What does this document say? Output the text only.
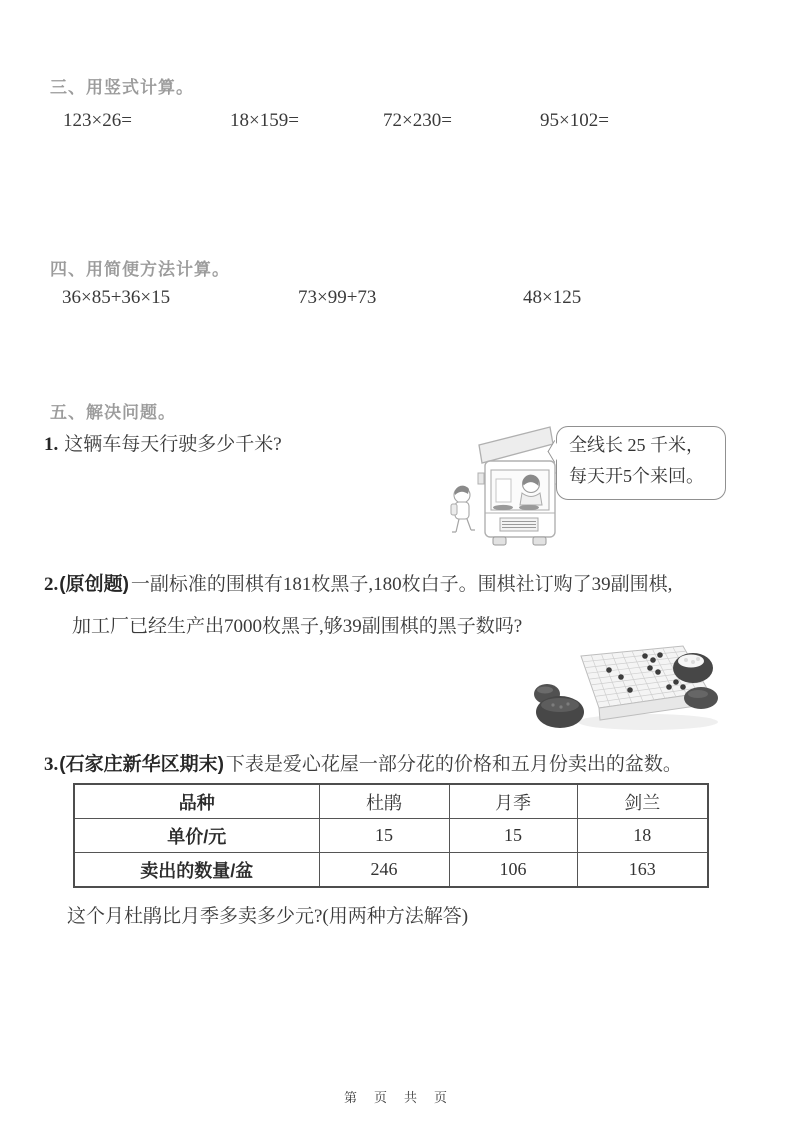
三、用竖式计算。
123×26=	18×159=	72×230=	95×102=
四、用简便方法计算。
36×85+36×15	73×99+73	48×125
五、解决问题。
1. 这辆车每天行驶多少千米?	全线长 25 千米，
每天开5个来回。
2.(原创题) 一副标准的围棋有181枚黑子,180枚白子。围棋社订购了39副围棋,
加工厂已经生产出7000枚黑子,够39副围棋的黑子数吗?
3.(石家庄新华区期末) 下表是爱心花屋一部分花的价格和五月份卖出的盆数。
品种	杜鹃	月季	剑兰
单价/元	15	15	18
卖出的数量/盆	246	106	163
这个月杜鹃比月季多卖多少元?(用两种方法解答)
第　页　共　页
